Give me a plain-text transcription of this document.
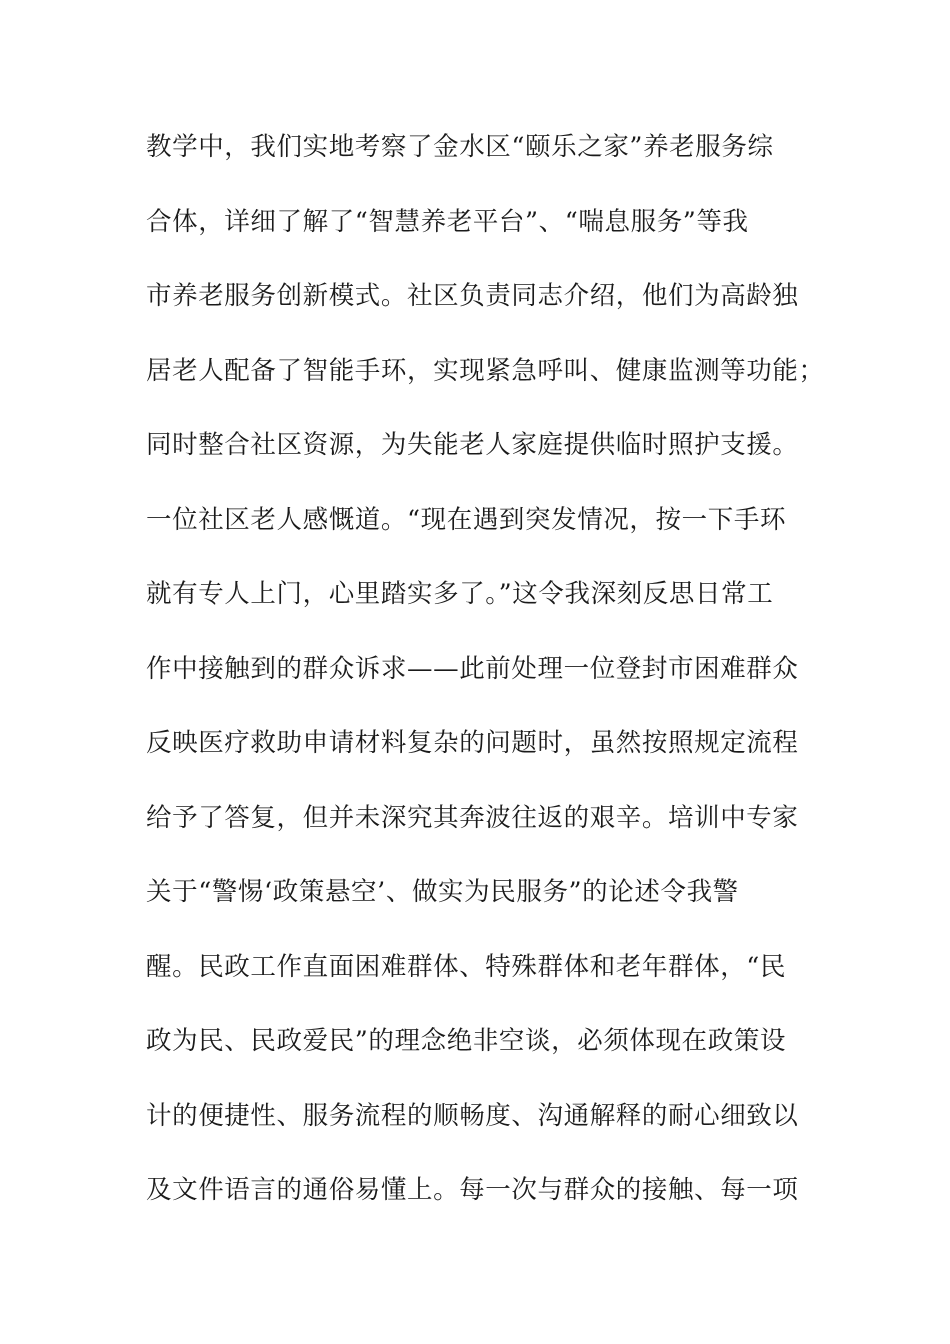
教学中，我们实地考察了金水区“颐乐之家”养老服务综
合体，详细了解了“智慧养老平台”、“喘息服务”等我
市养老服务创新模式。社区负责同志介绍，他们为高龄独
居老人配备了智能手环，实现紧急呼叫、健康监测等功能；
同时整合社区资源，为失能老人家庭提供临时照护支援。
一位社区老人感慨道。“现在遇到突发情况，按一下手环
就有专人上门，心里踏实多了。”这令我深刻反思日常工
作中接触到的群众诉求——此前处理一位登封市困难群众
反映医疗救助申请材料复杂的问题时，虽然按照规定流程
给予了答复，但并未深究其奔波往返的艰辛。培训中专家
关于“警惕‘政策悬空’、做实为民服务”的论述令我警
醒。民政工作直面困难群体、特殊群体和老年群体，“民
政为民、民政爱民”的理念绝非空谈，必须体现在政策设
计的便捷性、服务流程的顺畅度、沟通解释的耐心细致以
及文件语言的通俗易懂上。每一次与群众的接触、每一项
